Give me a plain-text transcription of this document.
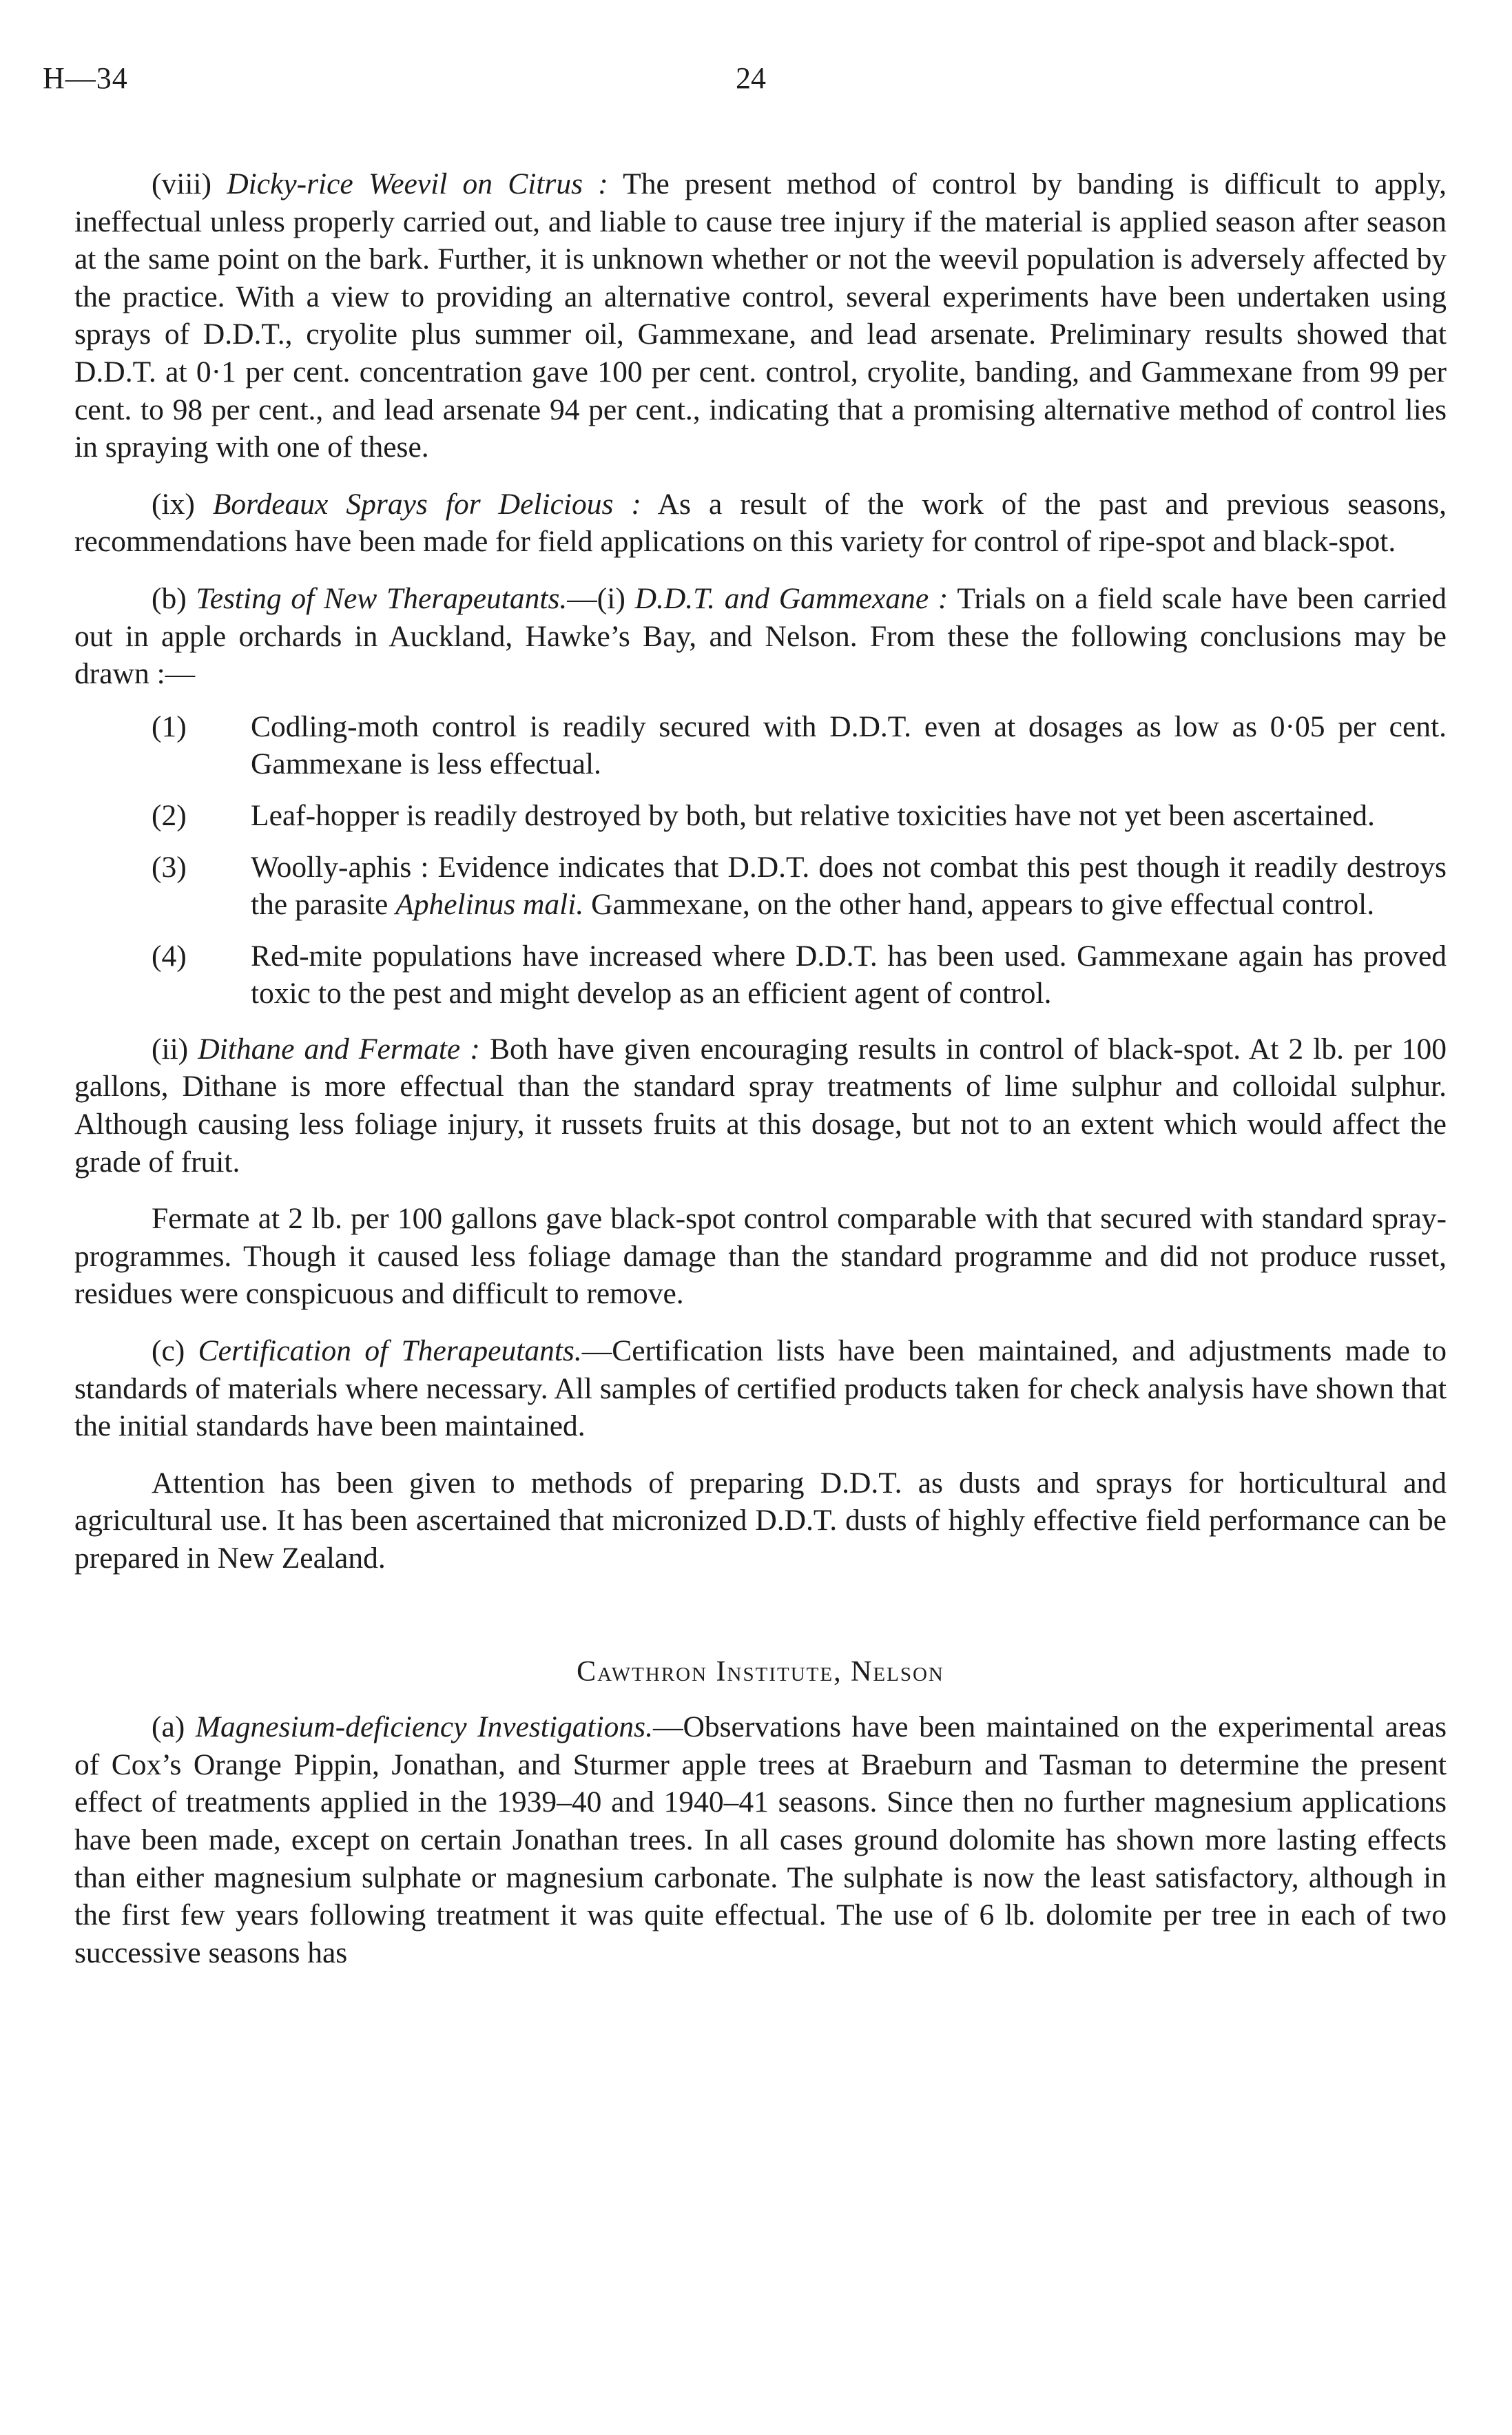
H—34	24

(viii) Dicky-rice Weevil on Citrus : The present method of control by banding is difficult to apply, ineffectual unless properly carried out, and liable to cause tree injury if the material is applied season after season at the same point on the bark. Further, it is unknown whether or not the weevil population is adversely affected by the practice. With a view to providing an alternative control, several experiments have been undertaken using sprays of D.D.T., cryolite plus summer oil, Gammexane, and lead arsenate. Preliminary results showed that D.D.T. at 0·1 per cent. concentration gave 100 per cent. control, cryolite, banding, and Gammexane from 99 per cent. to 98 per cent., and lead arsenate 94 per cent., indicating that a promising alternative method of control lies in spraying with one of these.

(ix) Bordeaux Sprays for Delicious : As a result of the work of the past and previous seasons, recommendations have been made for field applications on this variety for control of ripe-spot and black-spot.

(b) Testing of New Therapeutants.—(i) D.D.T. and Gammexane : Trials on a field scale have been carried out in apple orchards in Auckland, Hawke’s Bay, and Nelson. From these the following conclusions may be drawn :—

(1) Codling-moth control is readily secured with D.D.T. even at dosages as low as 0·05 per cent. Gammexane is less effectual.
(2) Leaf-hopper is readily destroyed by both, but relative toxicities have not yet been ascertained.
(3) Woolly-aphis : Evidence indicates that D.D.T. does not combat this pest though it readily destroys the parasite Aphelinus mali. Gammexane, on the other hand, appears to give effectual control.
(4) Red-mite populations have increased where D.D.T. has been used. Gammexane again has proved toxic to the pest and might develop as an efficient agent of control.

(ii) Dithane and Fermate : Both have given encouraging results in control of black-spot. At 2 lb. per 100 gallons, Dithane is more effectual than the standard spray treatments of lime sulphur and colloidal sulphur. Although causing less foliage injury, it russets fruits at this dosage, but not to an extent which would affect the grade of fruit.

Fermate at 2 lb. per 100 gallons gave black-spot control comparable with that secured with standard spray-programmes. Though it caused less foliage damage than the standard programme and did not produce russet, residues were conspicuous and difficult to remove.

(c) Certification of Therapeutants.—Certification lists have been maintained, and adjustments made to standards of materials where necessary. All samples of certified products taken for check analysis have shown that the initial standards have been maintained.

Attention has been given to methods of preparing D.D.T. as dusts and sprays for horticultural and agricultural use. It has been ascertained that micronized D.D.T. dusts of highly effective field performance can be prepared in New Zealand.

Cawthron Institute, Nelson

(a) Magnesium-deficiency Investigations.—Observations have been maintained on the experimental areas of Cox’s Orange Pippin, Jonathan, and Sturmer apple trees at Braeburn and Tasman to determine the present effect of treatments applied in the 1939–40 and 1940–41 seasons. Since then no further magnesium applications have been made, except on certain Jonathan trees. In all cases ground dolomite has shown more lasting effects than either magnesium sulphate or magnesium carbonate. The sulphate is now the least satisfactory, although in the first few years following treatment it was quite effectual. The use of 6 lb. dolomite per tree in each of two successive seasons has
